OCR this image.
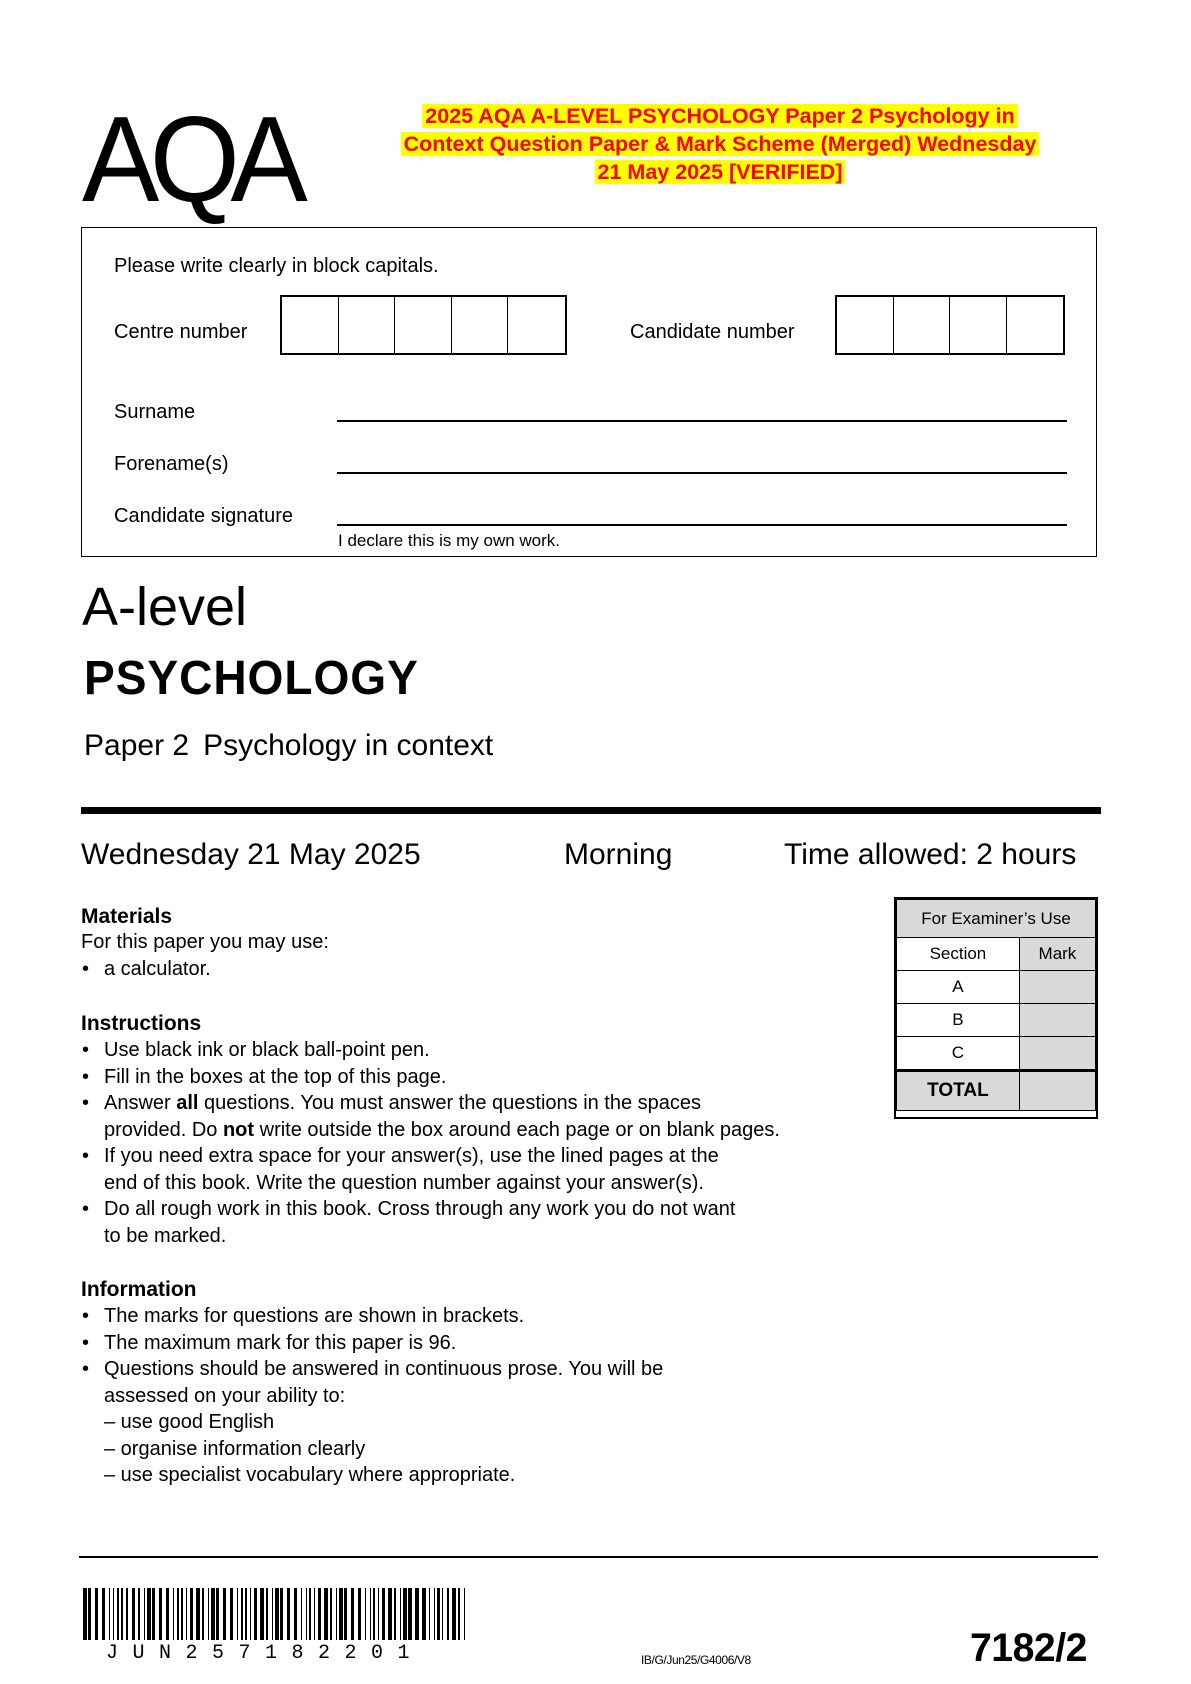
AQA	2025 AQA A-LEVEL PSYCHOLOGY Paper 2 Psychology in
Context Question Paper & Mark Scheme (Merged) Wednesday
21 May 2025 [VERIFIED]
Please write clearly in block capitals.
Centre number	Candidate number
Surname
Forename(s)
Candidate signature
I declare this is my own work.
A-level
PSYCHOLOGY
Paper 2 Psychology in context
Wednesday 21 May 2025	Morning	Time allowed: 2 hours
Materials
For this paper you may use:
• a calculator.
Instructions
• Use black ink or black ball-point pen.
• Fill in the boxes at the top of this page.
• Answer all questions. You must answer the questions in the spaces
provided. Do not write outside the box around each page or on blank pages.
• If you need extra space for your answer(s), use the lined pages at the
end of this book. Write the question number against your answer(s).
• Do all rough work in this book. Cross through any work you do not want
to be marked.
Information
• The marks for questions are shown in brackets.
• The maximum mark for this paper is 96.
• Questions should be answered in continuous prose. You will be
assessed on your ability to:
– use good English
– organise information clearly
– use specialist vocabulary where appropriate.
For Examiner’s Use	
Section	Mark
A	
B	
C	
TOTAL	
JUN257182201	IB/G/Jun25/G4006/V8	7182/2
